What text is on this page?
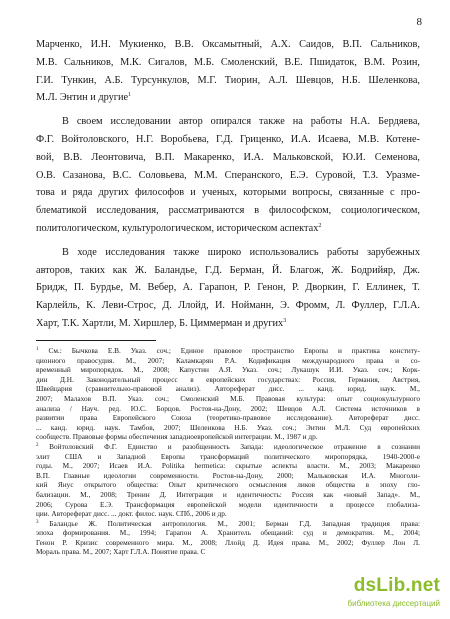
8
Марченко, И.Н. Мукиенко, В.В. Оксамытный, А.Х. Саидов, В.П. Сальников,
М.В. Сальников, М.К. Сигалов, М.Б. Смоленский, В.Е. Пшидаток, В.М. Розин,
Г.И. Тункин, А.Б. Турсункулов, М.Г. Тиорин, А.Л. Шевцов, Н.Б. Шеленкова,
М.Л. Энтин и другие$^1$
В своем исследовании автор опирался также на работы Н.А. Бердяева,
Ф.Г. Войтоловского, Н.Г. Воробьева, Г.Д. Гриценко, И.А. Исаева, М.В. Котене-
вой, В.В. Леонтовича, В.П. Макаренко, И.А. Мальковской, Ю.И. Семенова,
О.В. Сазанова, В.С. Соловьева, М.М. Сперанского, Е.Э. Суровой, Т.З. Уразме-
това и ряда других философов и ученых, которыми вопросы, связанные с про-
блематикой исследования, рассматриваются в философском, социологическом,
политологическом, культурологическом, историческом аспектах$^2$
В ходе исследования также широко использовались работы зарубежных
авторов, таких как Ж. Баландье, Г.Д. Берман, Й. Благож, Ж. Бодрийяр, Дж.
Бридж, П. Бурдье, М. Вебер, А. Гарапон, Р. Генон, Р. Дворкин, Г. Еллинек, Т.
Карлейль, К. Леви-Строс, Д. Ллойд, И. Нойманн, Э. Фромм, Л. Фуллер, Г.Л.А.
Харт, Т.К. Хартли, М. Хиршлер, Б. Циммерман и других$^3$
$^1$ См.: Бычкова Е.В. Указ. соч.; Единое правовое пространство Европы и практика конститу-
ционного правосудия. М., 2007; Каламкарян Р.А. Кодификация международного права и со-
временный миропорядок. М., 2008; Капустин А.Я. Указ. соч.; Лукашук И.И. Указ. соч.; Корк-
дин Д.Н. Законодательный процесс в европейских государствах: Россия, Германия, Австрия,
Швейцария (сравнительно-правовой анализ). Автореферат дисс. ... канд. юрид. наук. М.,
2007; Малахов В.П. Указ. соч.; Смоленский М.Б. Правовая культура: опыт социокультурного
анализа / Науч. ред. Ю.С. Борцов. Ростов-на-Дону, 2002; Шевцов А.Л. Система источников в
развитии права Европейского Союза (теоретико-правовое исследование). Автореферат дисс.
... канд. юрид. наук. Тамбов, 2007; Шеленкова Н.Б. Указ. соч.; Энтин М.Л. Суд европейских
сообществ. Правовые формы обеспечения западноевропейской интеграции. М., 1987 и др.
$^2$ Войтоловский Ф.Г. Единство и разобщенность Запада: идеологическое отражение в сознании
элит США и Западной Европы трансформаций политического миропорядка, 1940-2000-е
годы. М., 2007; Исаев И.А. Politika hermetica: скрытые аспекты власти. М., 2003; Макаренко
В.П. Главные идеологии современности. Ростов-на-Дону, 2000; Мальковская И.А. Многоли-
кий Янус открытого общества: Опыт критического осмысления ликов общества в эпоху гло-
бализации. М., 2008; Тренин Д. Интеграция и идентичность: Россия как «новый Запад». М.,
2006; Сурова Е.Э. Трансформация европейской модели идентичности в процессе глобализа-
ции. Автореферат дисс. ... докт. филос. наук. СПб., 2006 и др.
$^3$ Баландье Ж. Политическая антропология. М., 2001; Берман Г.Д. Западная традиция права:
эпоха формирования. М., 1994; Гарапон А. Хранитель обещаний: суд и демократия. М., 2004;
Генон Р. Кризис современного мира. М., 2008; Ллойд Д. Идея права. М., 2002; Фуллер Лон Л.
Мораль права. М., 2007; Харт Г.Л.А. Понятие права. С
dsLib.net
библиотека диссертаций
